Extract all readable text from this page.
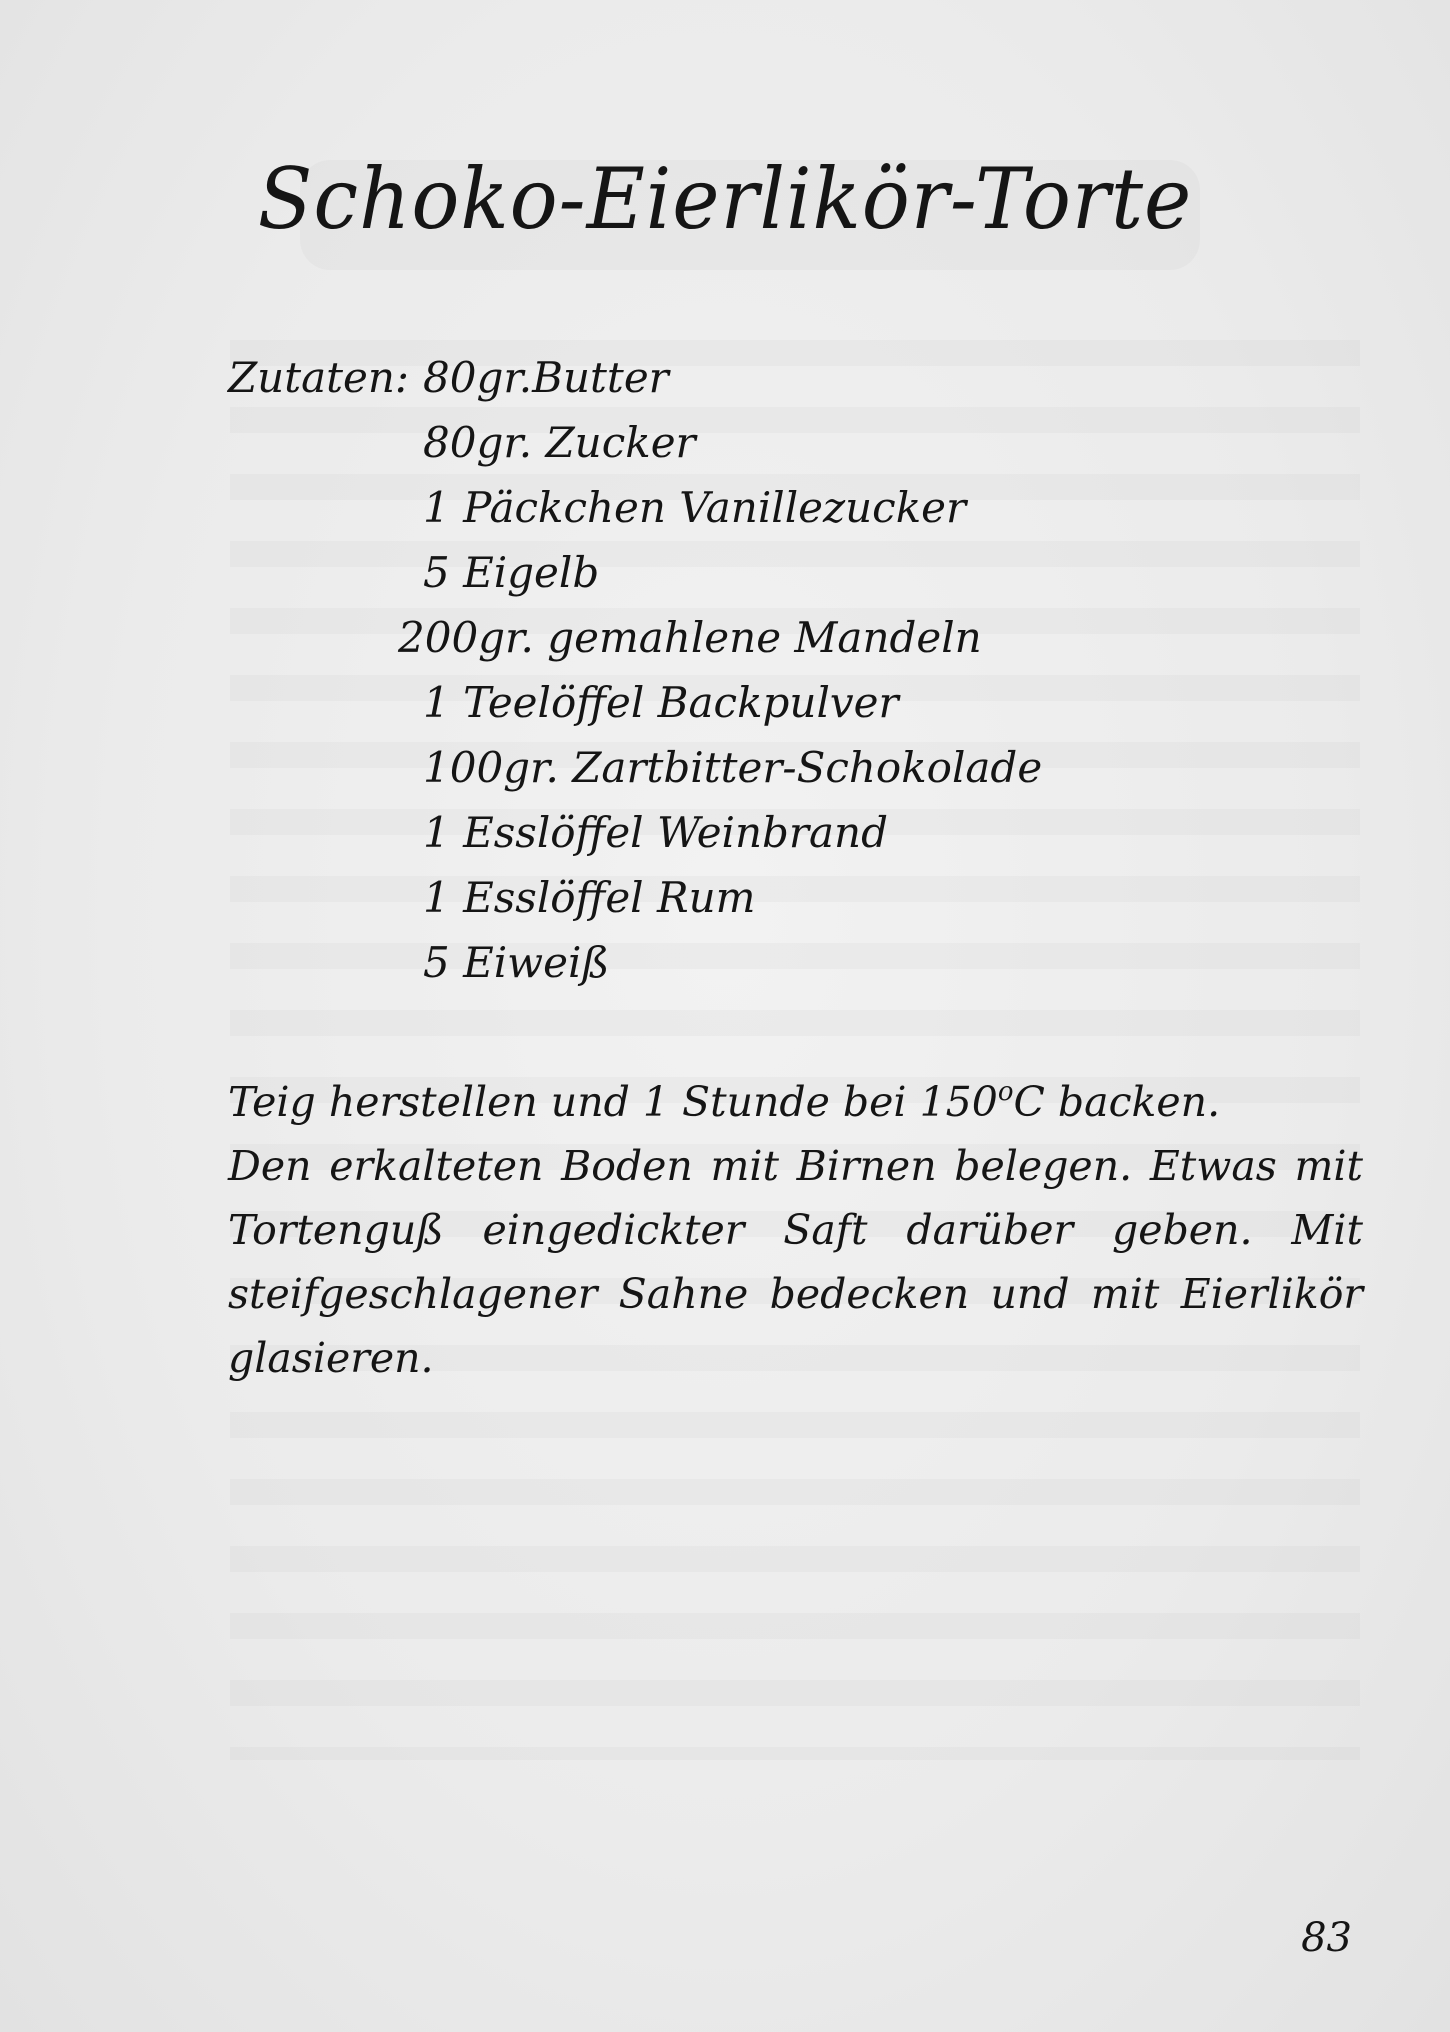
Schoko-Eierlikör-Torte
Zutaten: 80gr.Butter
80gr. Zucker
1 Päckchen Vanillezucker
5 Eigelb
200gr. gemahlene Mandeln
1 Teelöffel Backpulver
100gr. Zartbitter-Schokolade
1 Esslöffel Weinbrand
1 Esslöffel Rum
5 Eiweiß
Teig herstellen und 1 Stunde bei 150$^o$C backen.
Den erkalteten Boden mit Birnen belegen. Etwas mit
Tortenguß eingedickter Saft darüber geben. Mit
steifgeschlagener Sahne bedecken und mit Eierlikör glasieren.
83
